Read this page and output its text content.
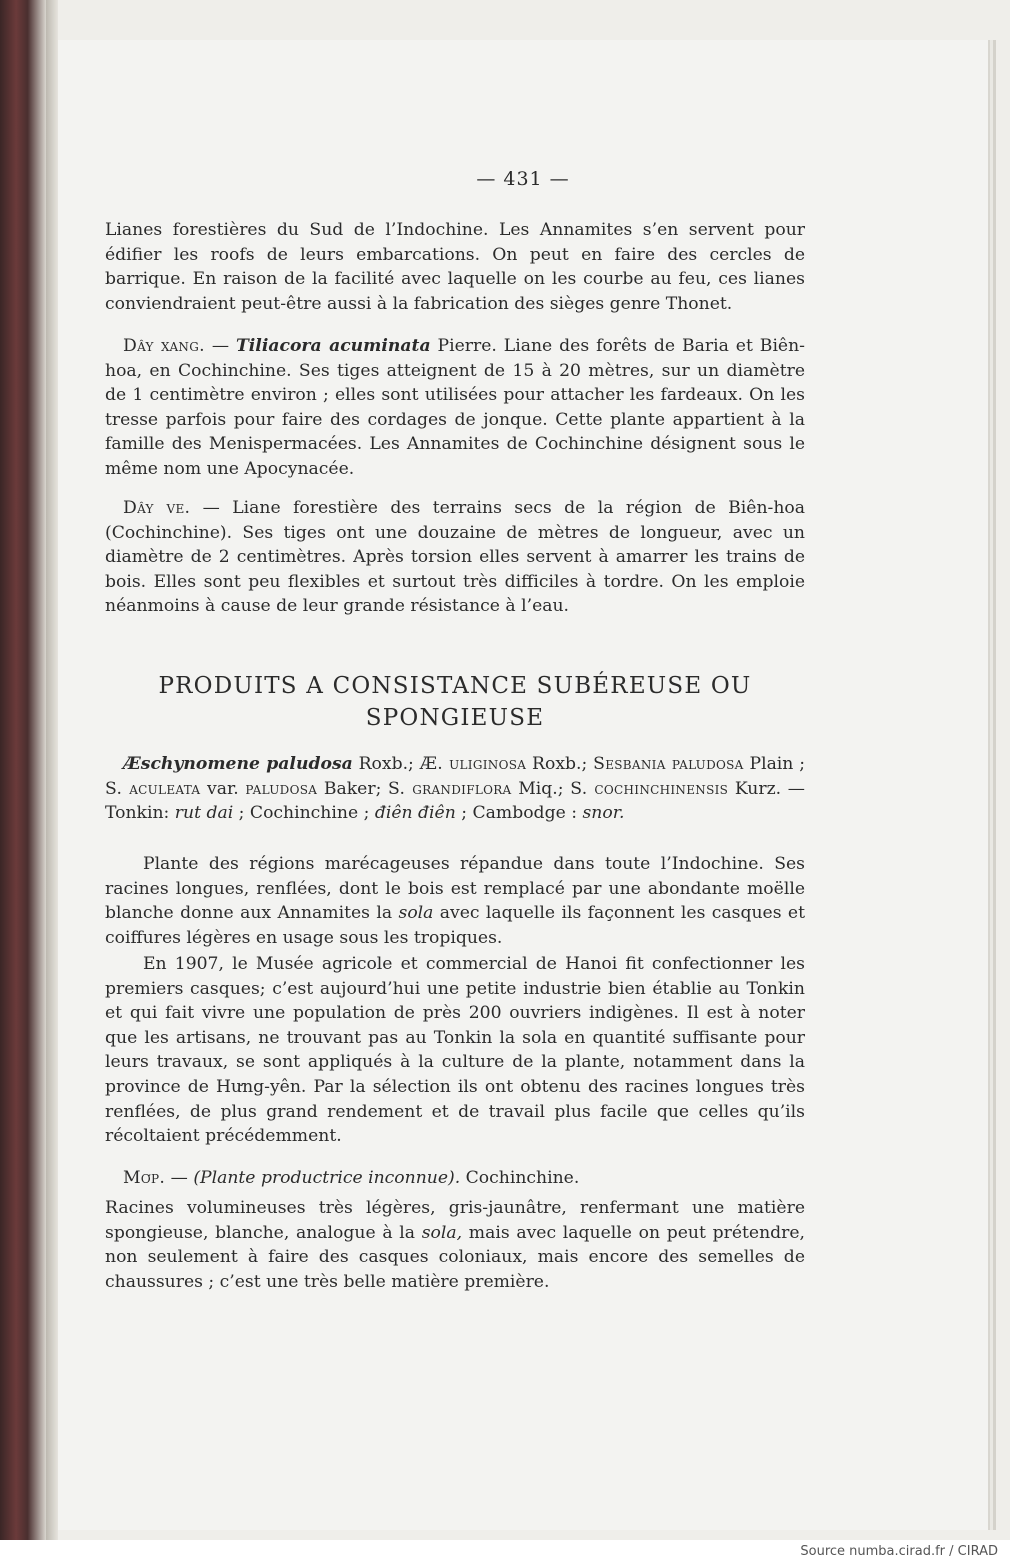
— 431 —

Lianes forestières du Sud de l’Indochine. Les Annamites s’en servent pour édifier les roofs de leurs embarcations. On peut en faire des cercles de barrique. En raison de la facilité avec laquelle on les courbe au feu, ces lianes conviendraient peut-être aussi à la fabrication des sièges genre Thonet.

Dây xang. — Tiliacora acuminata Pierre. Liane des forêts de Baria et Biên-hoa, en Cochinchine. Ses tiges atteignent de 15 à 20 mètres, sur un diamètre de 1 centimètre environ ; elles sont utilisées pour attacher les fardeaux. On les tresse parfois pour faire des cordages de jonque. Cette plante appartient à la famille des Menispermacées. Les Annamites de Cochinchine désignent sous le même nom une Apocynacée.

Dây ve. — Liane forestière des terrains secs de la région de Biên-hoa (Cochinchine). Ses tiges ont une douzaine de mètres de longueur, avec un diamètre de 2 centimètres. Après torsion elles servent à amarrer les trains de bois. Elles sont peu flexibles et surtout très difficiles à tordre. On les emploie néanmoins à cause de leur grande résistance à l’eau.

PRODUITS A CONSISTANCE SUBÉREUSE OU
SPONGIEUSE

Æschynomene paludosa Roxb.; Æ. uliginosa Roxb.; Sesbania paludosa Plain ; S. aculeata var. paludosa Baker; S. grandiflora Miq.; S. cochinchinensis Kurz. — Tonkin: rut dai ; Cochinchine ; điên điên ; Cambodge : snor.

Plante des régions marécageuses répandue dans toute l’Indochine. Ses racines longues, renflées, dont le bois est remplacé par une abondante moëlle blanche donne aux Annamites la sola avec laquelle ils façonnent les casques et coiffures légères en usage sous les tropiques.

En 1907, le Musée agricole et commercial de Hanoi fit confectionner les premiers casques; c’est aujourd’hui une petite industrie bien établie au Tonkin et qui fait vivre une population de près 200 ouvriers indigènes. Il est à noter que les artisans, ne trouvant pas au Tonkin la sola en quantité suffisante pour leurs travaux, se sont appliqués à la culture de la plante, notamment dans la province de Hưng-yên. Par la sélection ils ont obtenu des racines longues très renflées, de plus grand rendement et de travail plus facile que celles qu’ils récoltaient précédemment.

Mơp. — (Plante productrice inconnue). Cochinchine.

Racines volumineuses très légères, gris-jaunâtre, renfermant une matière spongieuse, blanche, analogue à la sola, mais avec laquelle on peut prétendre, non seulement à faire des casques coloniaux, mais encore des semelles de chaussures ; c’est une très belle matière première.

Source numba.cirad.fr / CIRAD
